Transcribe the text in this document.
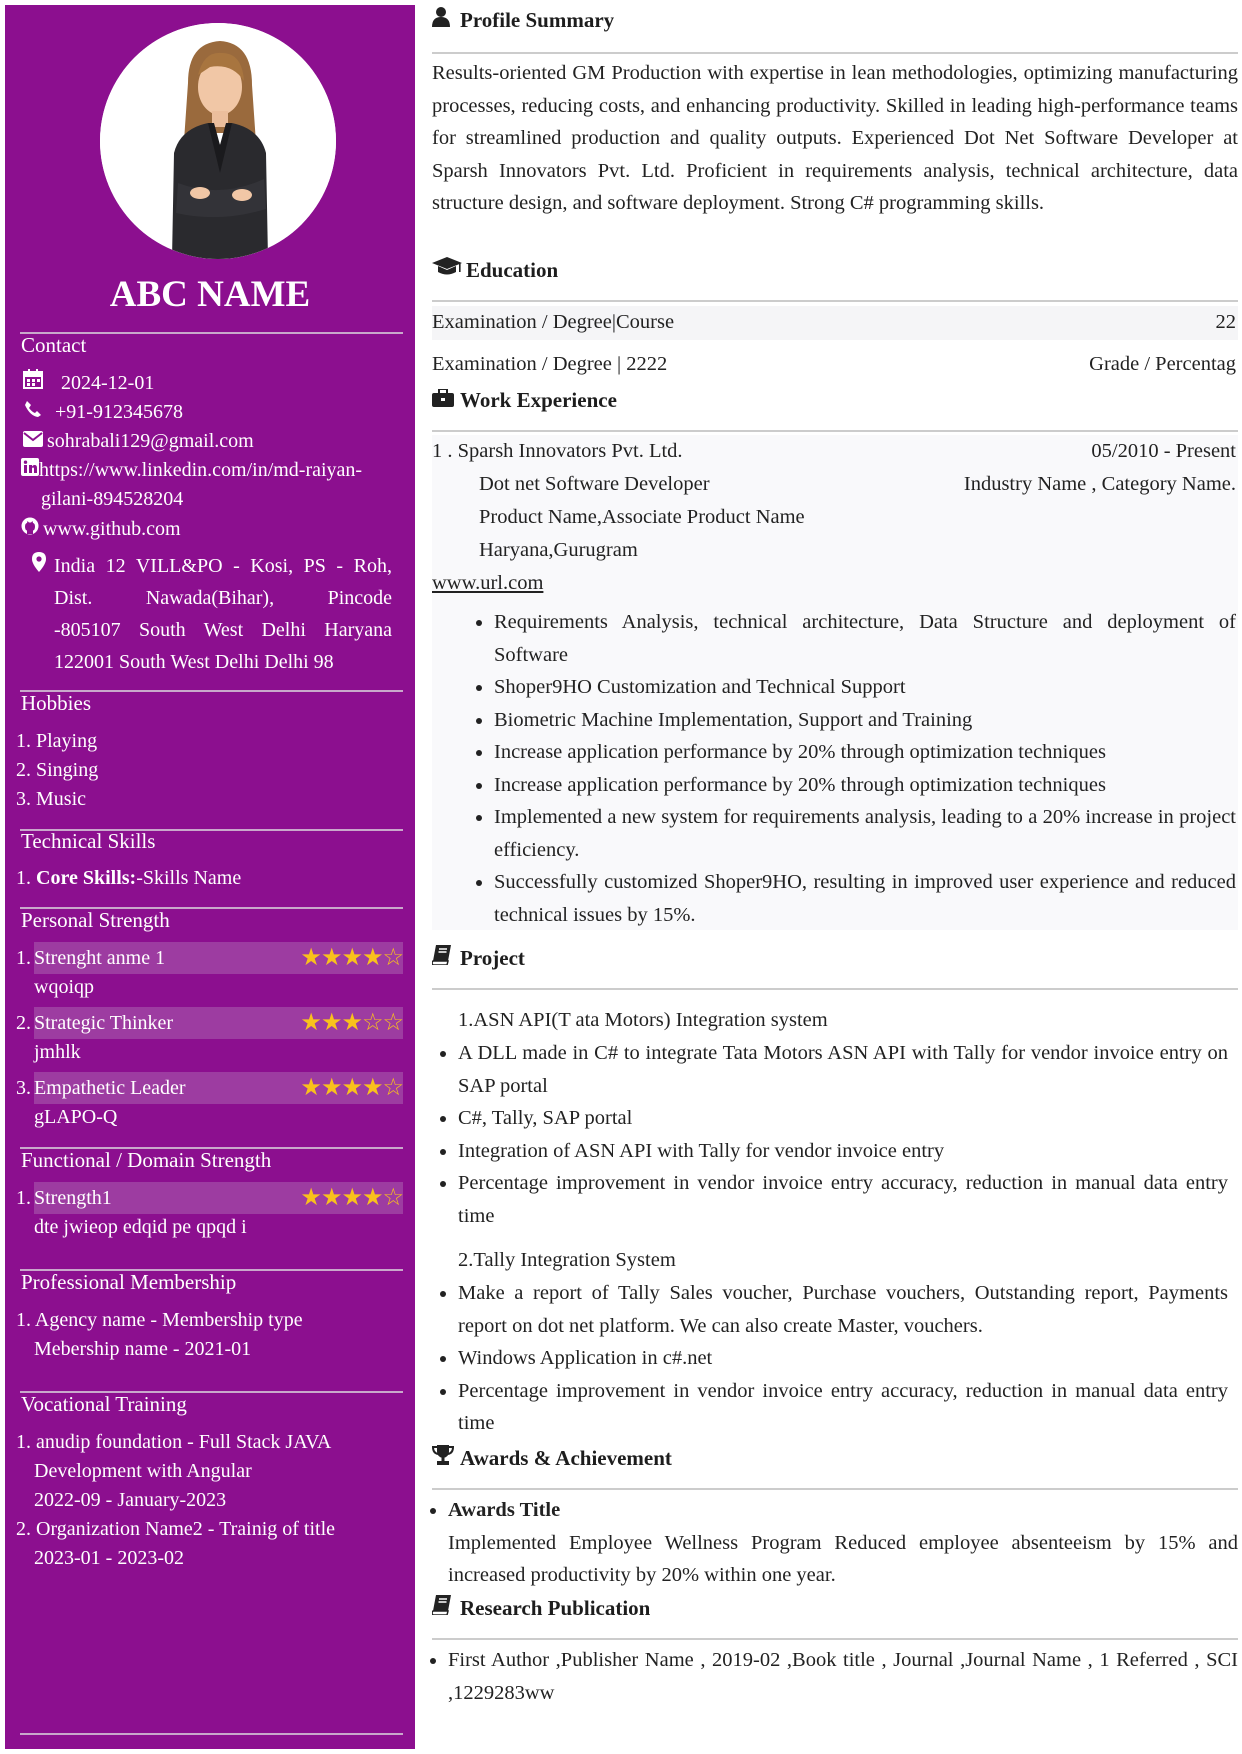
ABC NAME
Contact
2024-12-01
+91-912345678
sohrabali129@gmail.com
https://www.linkedin.com/in/md-raiyan-
gilani-894528204
www.github.com
India 12 VILL&PO - Kosi, PS - Roh,
Dist. Nawada(Bihar), Pincode
-805107 South West Delhi Haryana
122001 South West Delhi Delhi 98
Hobbies
1. Playing
2. Singing
3. Music
Technical Skills
1. Core Skills:-Skills Name
Personal Strength
1. Strenght anme 1	★★★★☆
wqoiqp
2. Strategic Thinker	★★★☆☆
jmhlk
3. Empathetic Leader	★★★★☆
gLAPO-Q
Functional / Domain Strength
1. Strength1	★★★★☆
dte jwieop edqid pe qpqd i
Professional Membership
1. Agency name - Membership type
Mebership name - 2021-01
Vocational Training
1. anudip foundation - Full Stack JAVA
Development with Angular
2022-09 - January-2023
2. Organization Name2 - Trainig of title
2023-01 - 2023-02
Profile Summary
Results-oriented GM Production with expertise in lean methodologies, optimizing manufacturing processes, reducing costs, and enhancing productivity. Skilled in leading high-performance teams for streamlined production and quality outputs. Experienced Dot Net Software Developer at Sparsh Innovators Pvt. Ltd. Proficient in requirements analysis, technical architecture, data structure design, and software deployment. Strong C# programming skills.
Education
Examination / Degree|Course	22
Examination / Degree | 2222	Grade / Percentag
Work Experience
1 . Sparsh Innovators Pvt. Ltd.	05/2010 - Present
Dot net Software Developer	Industry Name , Category Name.
Product Name,Associate Product Name
Haryana,Gurugram
www.url.com
• Requirements Analysis, technical architecture, Data Structure and deployment of Software
• Shoper9HO Customization and Technical Support
• Biometric Machine Implementation, Support and Training
• Increase application performance by 20% through optimization techniques
• Increase application performance by 20% through optimization techniques
• Implemented a new system for requirements analysis, leading to a 20% increase in project efficiency.
• Successfully customized Shoper9HO, resulting in improved user experience and reduced technical issues by 15%.
Project
1.ASN API(T ata Motors) Integration system
• A DLL made in C# to integrate Tata Motors ASN API with Tally for vendor invoice entry on SAP portal
• C#, Tally, SAP portal
• Integration of ASN API with Tally for vendor invoice entry
• Percentage improvement in vendor invoice entry accuracy, reduction in manual data entry time
2.Tally Integration System
• Make a report of Tally Sales voucher, Purchase vouchers, Outstanding report, Payments report on dot net platform. We can also create Master, vouchers.
• Windows Application in c#.net
• Percentage improvement in vendor invoice entry accuracy, reduction in manual data entry time
Awards & Achievement
• Awards Title
Implemented Employee Wellness Program Reduced employee absenteeism by 15% and increased productivity by 20% within one year.
Research Publication
• First Author ,Publisher Name , 2019-02 ,Book title , Journal ,Journal Name , 1 Referred , SCI ,1229283ww
